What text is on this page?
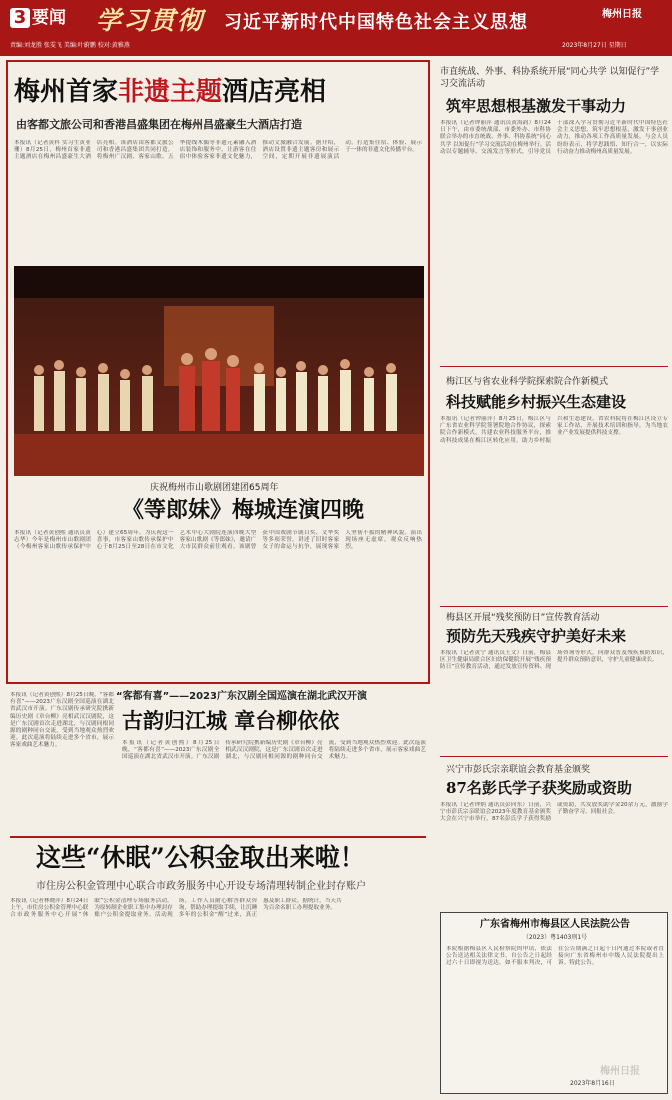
3 要闻 学习贯彻 习近平新时代中国特色社会主义思想	梅州日报
责编:刘龙胜 张雯飞 美编:叶蔚鹏 校对:黄雅燕	2023年8月27日 星期日
梅州首家非遗主题酒店亮相
由客都文旅公司和香港昌盛集团在梅州昌盛豪生大酒店打造
本报讯（记者黄科 实习生黄亚珊）8月25日，梅州首家非遗主题酒店在梅州昌盛豪生大酒店亮相。该酒店由客都文旅公司和香港昌盛集团共同打造，将梅州广汉剧、客家山歌、五华提线木偶等非遗元素融入酒店装饰和服务中，让游客在住宿中体验客家非遗文化魅力，推动文旅融合发展。据介绍，酒店设置非遗主题客房和展示空间，定期开展非遗展演活动，打造集住宿、体验、展示于一体的非遗文化传播平台。
庆祝梅州市山歌剧团建团65周年
《等郎妹》梅城连演四晚
本报讯（记者黄创熙 通讯员黄志华）今年是梅州市山歌剧团（今梅州客家山歌传承保护中心）建立65周年。为庆祝这一喜事，市客家山歌传承保护中心于8月25日至28日在市文化艺术中心大剧院连演四晚大型客家山歌剧《等郎妹》，邀请广大市民群众前往观看。该剧曾获中国戏剧节剧目奖、文华奖等多项荣誉，讲述了旧时客家女子的命运与抗争，展现客家人坚韧不拔的精神风貌。演出现场座无虚席，观众反响热烈。
“客都有喜”——2023广东汉剧全国巡演在湖北武汉开演
古韵归江城 章台柳依依
本报讯（记者黄创熙）8月25日晚，“客都有喜”——2023广东汉剧全国巡演在湖北省武汉市开演。广东汉剧传承研究院携新编历史剧《章台柳》亮相武汉汉剧院，这是广东汉剧首次走进湖北，与汉剧同根同源的剧种同台交流，受到当地观众热烈欢迎。此次巡演将陆续走进多个省市，展示客家戏曲艺术魅力。	本报讯（记者黄创熙）8月25日晚，“客都有喜”——2023广东汉剧全国巡演在湖北省武汉市开演。广东汉剧传承研究院携新编历史剧《章台柳》亮相武汉汉剧院，这是广东汉剧首次走进湖北，与汉剧同根同源的剧种同台交流，受到当地观众热烈欢迎。此次巡演将陆续走进多个省市，展示客家戏曲艺术魅力。
这些“休眠”公积金取出来啦！
市住房公积金管理中心联合市政务服务中心开设专场清理转制企业封存账户
本报讯（记者林晓萍）8月24日上午，市住房公积金管理中心联合市政务服务中心开展“休眠”公积金清理专场服务活动，为原转制企业职工集中办理封存账户公积金提取业务。活动现场，工作人员耐心解答群众咨询，帮助办理提取手续，让沉睡多年的公积金“醒”过来，真正惠及职工群众。据统计，当天共为百余名职工办理提取业务。
市直统战、外事、科协系统开展“同心共学 以知促行”学习交流活动
筑牢思想根基激发干事动力
本报讯（记者钟丽萍 通讯员黄海韵）8月24日下午，由市委统战部、市委外办、市科协联合举办的市直统战、外事、科协系统“同心共学 以知促行”学习交流活动在梅州举行。活动以专题辅导、交流发言等形式，引导党员干部深入学习贯彻习近平新时代中国特色社会主义思想，筑牢思想根基，激发干事创业动力，推动各项工作高质量发展。与会人员纷纷表示，将学思践悟、知行合一，以实际行动奋力推动梅州高质量发展。
梅江区与省农业科学院探索院合作新模式
科技赋能乡村振兴生态建设
本报讯（记者钟丽萍）8月25日，梅江区与广东省农业科学院签署院地合作协议，探索院合作新模式，共建农业科技服务平台，推动科技成果在梅江区转化应用，助力乡村振兴和生态建设。省农科院将在梅江区设立专家工作站，开展技术培训和指导，为当地农业产业发展提供科技支撑。
梅县区开展“残奖预防日”宣传教育活动
预防先天残疾守护美好未来
本报讯（记者黄宁 通讯员王文）日前，梅县区卫生健康局联合区妇幼保健院开展“残疾预防日”宣传教育活动，通过发放宣传资料、现场咨询等形式，向群众普及残疾预防知识，提升群众预防意识，守护儿童健康成长。
兴宁市彭氏宗亲联谊会教育基金颁奖
87名彭氏学子获奖励或资助
本报讯（记者钟炳 通讯员彭向东）日前，兴宁市彭氏宗亲联谊会2023年度教育基金颁奖大会在兴宁市举行，87名彭氏学子获得奖励或资助，共发放奖助学金20余万元，激励学子勤奋学习、回报社会。
广东省梅州市梅县区人民法院公告
（2023）粤1403刑1号
本院根据梅县区人民检察院的申请，依法公告送达相关法律文书。自公告之日起经过六十日即视为送达。如不服本判决，可在公告期满之日起十日内通过本院或者直接向广东省梅州市中级人民法院提出上诉。特此公告。
2023年8月16日
梅州日报
